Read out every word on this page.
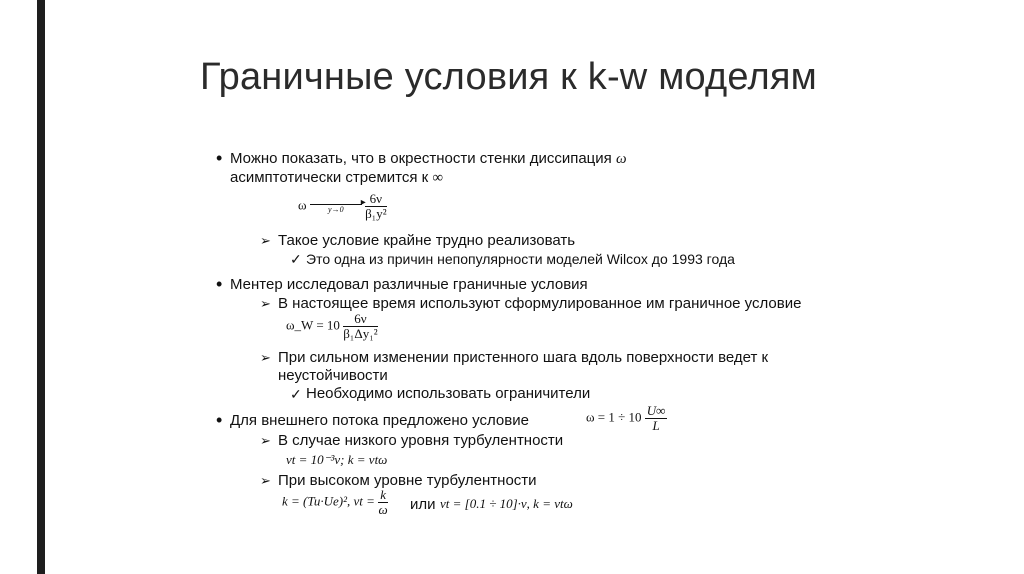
Граничные условия к k-w моделям
• Можно показать, что в окрестности стенки диссипация ω
асимптотически стремится к ∞
ω	▸
y→0
	$\frac{6\nu}{\text{β₁y²}}$
➢ Такое условие крайне трудно реализовать
✓ Это одна из причин непопулярности моделей Wilcox до 1993 года
• Ментер исследовал различные граничные условия
➢ В настоящее время используют сформулированное им граничное условие
ω_W = $10 \frac{6\nu}{\text{β₁Δy₁²}}$
➢ При сильном изменении пристенного шага вдоль поверхности ведет к
неустойчивости
✓ Необходимо использовать ограничители
• Для внешнего потока предложено условие	$\omega = 1 \div 10 \frac{U\infty}{L}$
➢ В случае низкого уровня турбулентности
νt = 10⁻³ν; k = νtω
➢ При высоком уровне турбулентности
k = (Tu·Ue)², $\nu t = \frac{k}{\omega}$ или νt = [0.1 ÷ 10]·ν, k = νtω
